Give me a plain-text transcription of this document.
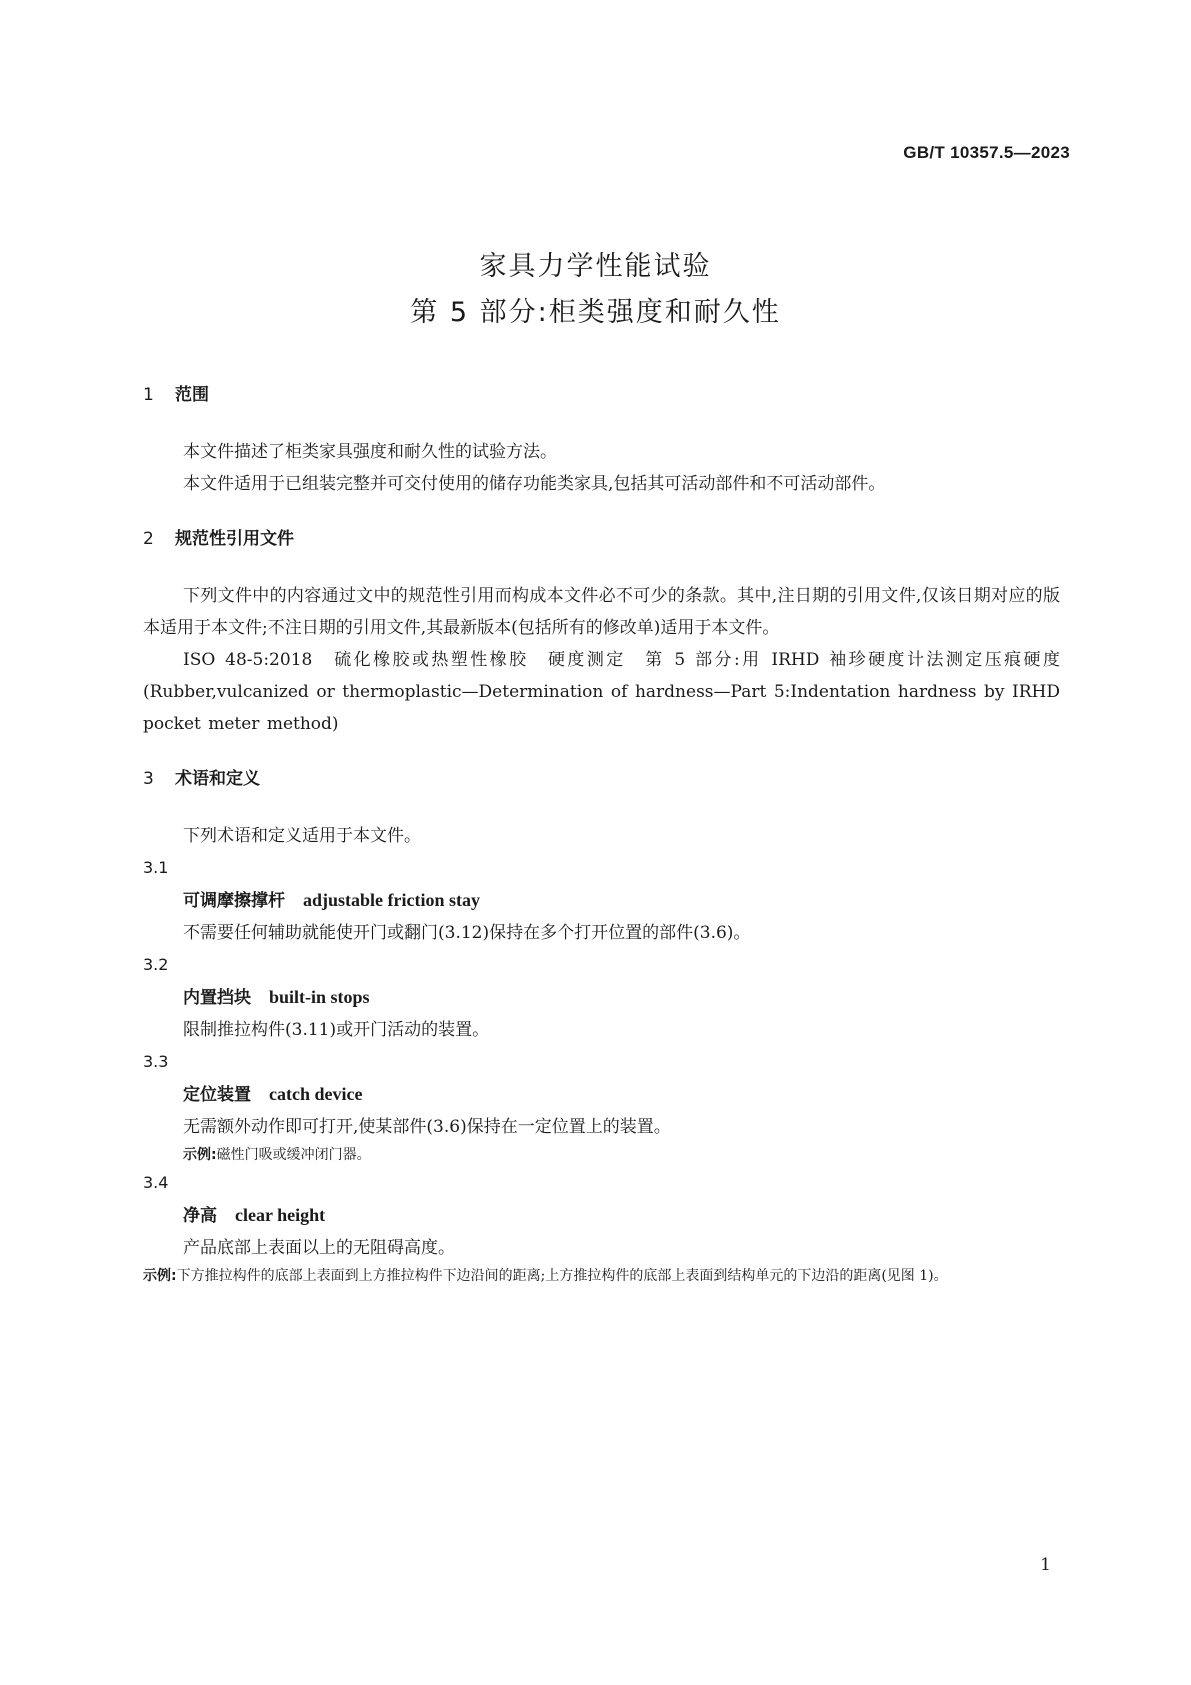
GB/T 10357.5—2023
家具力学性能试验
第 5 部分:柜类强度和耐久性
1 范围

本文件描述了柜类家具强度和耐久性的试验方法。

本文件适用于已组装完整并可交付使用的储存功能类家具,包括其可活动部件和不可活动部件。

2 规范性引用文件

下列文件中的内容通过文中的规范性引用而构成本文件必不可少的条款。其中,注日期的引用文件,仅该日期对应的版本适用于本文件;不注日期的引用文件,其最新版本(包括所有的修改单)适用于本文件。

ISO 48-5:2018　硫化橡胶或热塑性橡胶　硬度测定　第 5 部分:用 IRHD 袖珍硬度计法测定压痕硬度(Rubber,vulcanized or thermoplastic—Determination of hardness—Part 5:Indentation hardness by IRHD pocket meter method)

3 术语和定义

下列术语和定义适用于本文件。

3.1
可调摩擦撑杆 adjustable friction stay
不需要任何辅助就能使开门或翻门(3.12)保持在多个打开位置的部件(3.6)。
3.2
内置挡块 built-in stops
限制推拉构件(3.11)或开门活动的装置。
3.3
定位装置 catch device
无需额外动作即可打开,使某部件(3.6)保持在一定位置上的装置。
示例:磁性门吸或缓冲闭门器。
3.4
净高 clear height
产品底部上表面以上的无阻碍高度。
示例:下方推拉构件的底部上表面到上方推拉构件下边沿间的距离;上方推拉构件的底部上表面到结构单元的下边沿的距离(见图 1)。
1
